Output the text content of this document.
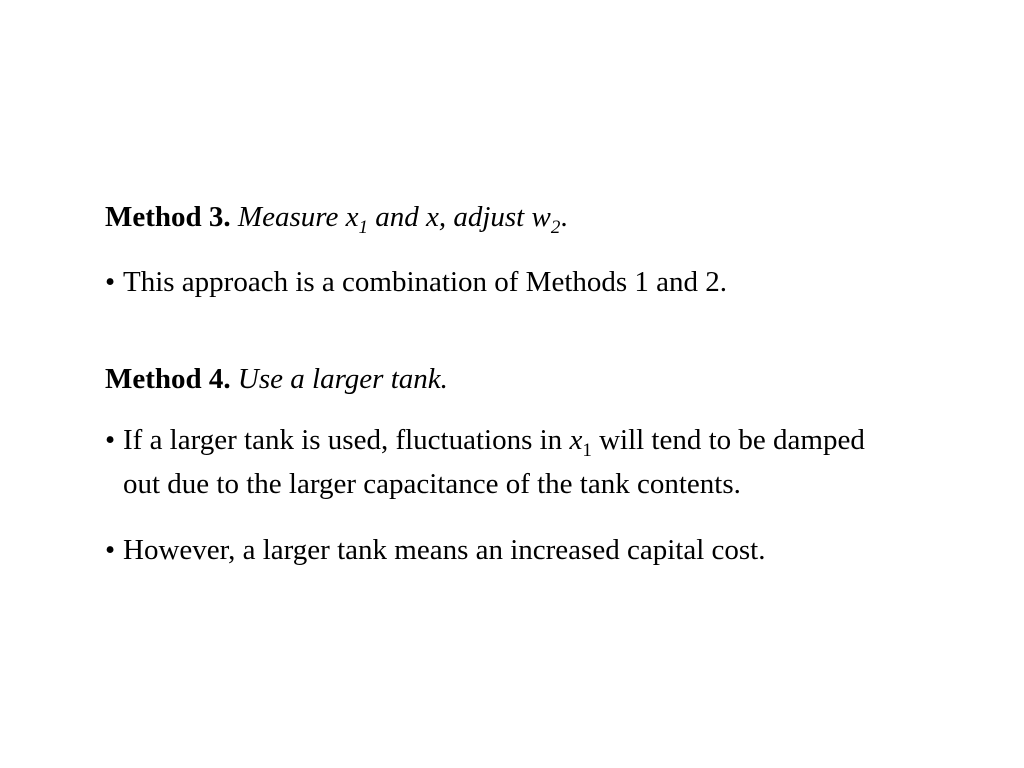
Method 3. Measure $x_1$ and x, adjust $w_2$.
• This approach is a combination of Methods 1 and 2.
Method 4. Use a larger tank.
• If a larger tank is used, fluctuations in $x_1$ will tend to be damped
out due to the larger capacitance of the tank contents.
• However, a larger tank means an increased capital cost.
